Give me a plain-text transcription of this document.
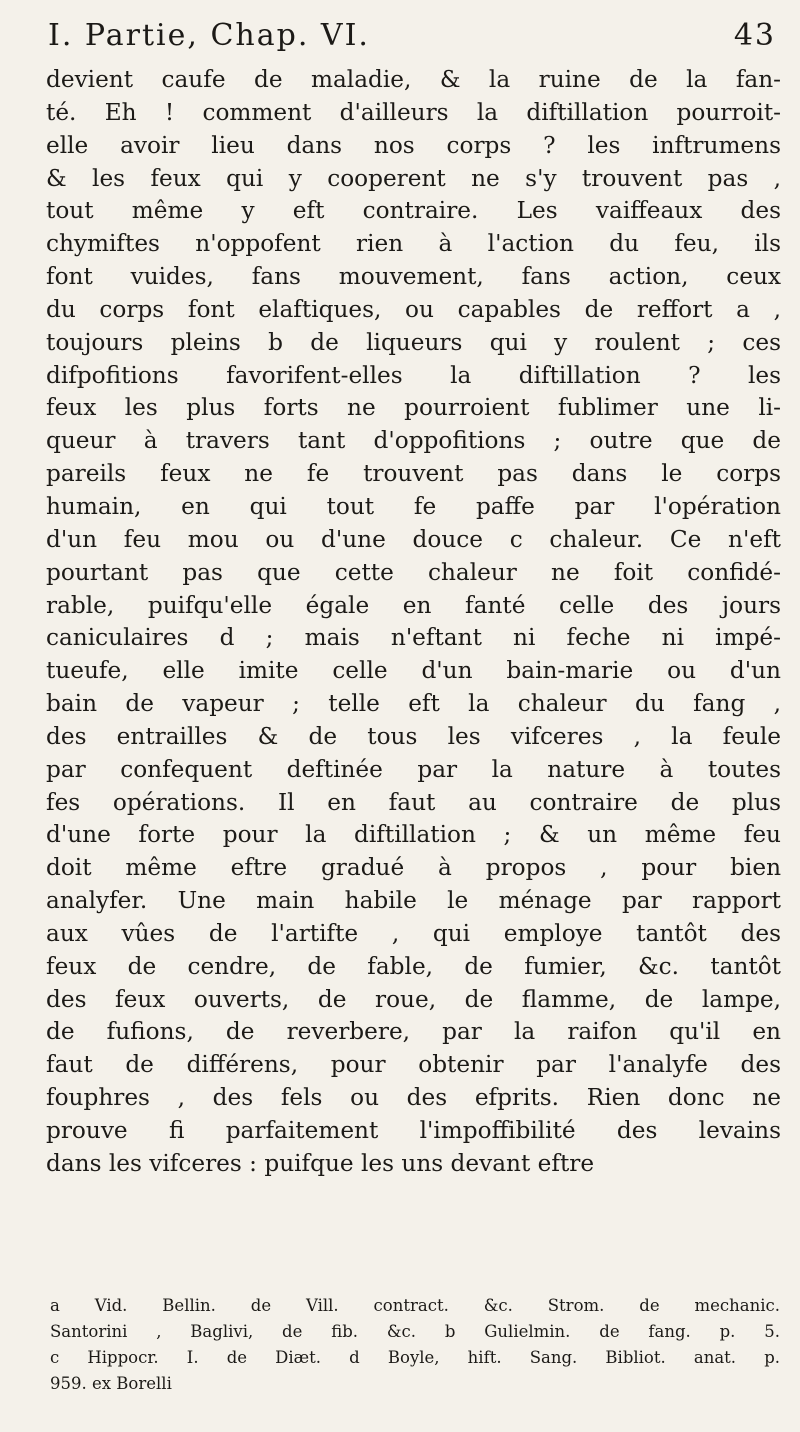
I. Partie, Chap. VI.	43
devient caufe de maladie, & la ruine de la fan-
té. Eh ! comment d'ailleurs la diftillation pourroit-
elle avoir lieu dans nos corps ? les inftrumens
& les feux qui y cooperent ne s'y trouvent pas ,
tout même y eft contraire. Les vaiffeaux des
chymiftes n'oppofent rien à l'action du feu, ils
font vuides, fans mouvement, fans action, ceux
du corps font elaftiques, ou capables de reffort a ,
toujours pleins b de liqueurs qui y roulent ; ces
difpofitions favorifent-elles la diftillation ? les
feux les plus forts ne pourroient fublimer une li-
queur à travers tant d'oppofitions ; outre que de
pareils feux ne fe trouvent pas dans le corps
humain, en qui tout fe paffe par l'opération
d'un feu mou ou d'une douce c chaleur. Ce n'eft
pourtant pas que cette chaleur ne foit confidé-
rable, puifqu'elle égale en fanté celle des jours
caniculaires d ; mais n'eftant ni feche ni impé-
tueufe, elle imite celle d'un bain-marie ou d'un
bain de vapeur ; telle eft la chaleur du fang ,
des entrailles & de tous les vifceres , la feule
par confequent deftinée par la nature à toutes
fes opérations. Il en faut au contraire de plus
d'une forte pour la diftillation ; & un même feu
doit même eftre gradué à propos , pour bien
analyfer. Une main habile le ménage par rapport
aux vûes de l'artifte , qui employe tantôt des
feux de cendre, de fable, de fumier, &c. tantôt
des feux ouverts, de roue, de flamme, de lampe,
de fufions, de reverbere, par la raifon qu'il en
faut de différens, pour obtenir par l'analyfe des
fouphres , des fels ou des efprits. Rien donc ne
prouve fi parfaitement l'impoffibilité des levains
dans les vifceres : puifque les uns devant eftre
a Vid. Bellin. de Vill. contract. &c. Strom. de mechanic.
Santorini , Baglivi, de fib. &c. b Gulielmin. de fang. p. 5.
c Hippocr. I. de Diæt. d Boyle, hift. Sang. Bibliot. anat. p.
959. ex Borelli
